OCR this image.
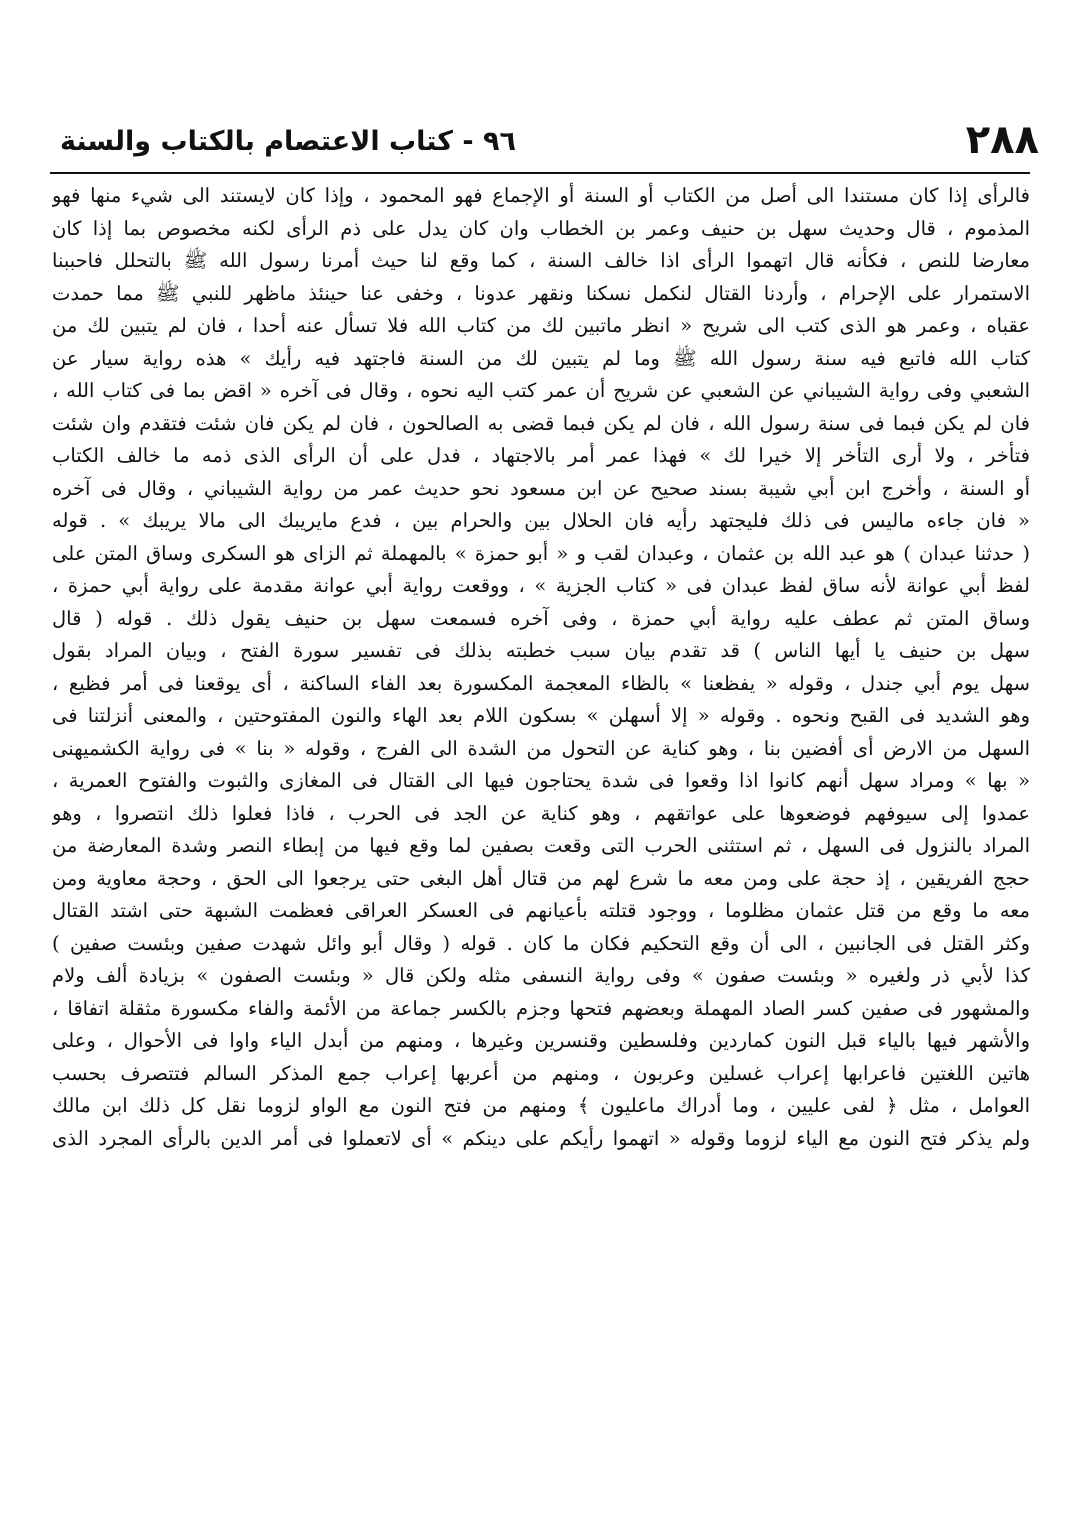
٢٨٨
٩٦ - كتاب الاعتصام بالكتاب والسنة
فالرأى إذا كان مستندا الى أصل من الكتاب أو السنة أو الإجماع فهو المحمود ، وإذا كان لايستند الى شيء منها فهو
المذموم ، قال وحديث سهل بن حنيف وعمر بن الخطاب وان كان يدل على ذم الرأى لكنه مخصوص بما إذا كان
معارضا للنص ، فكأنه قال اتهموا الرأى اذا خالف السنة ، كما وقع لنا حيث أمرنا رسول الله ﷺ بالتحلل فاحببنا
الاستمرار على الإحرام ، وأردنا القتال لنكمل نسكنا ونقهر عدونا ، وخفى عنا حينئذ ماظهر للنبي ﷺ مما حمدت
عقباه ، وعمر هو الذى كتب الى شريح « انظر ماتبين لك من كتاب الله فلا تسأل عنه أحدا ، فان لم يتبين لك من
كتاب الله فاتبع فيه سنة رسول الله ﷺ وما لم يتبين لك من السنة فاجتهد فيه رأيك » هذه رواية سيار عن
الشعبي وفى رواية الشيباني عن الشعبي عن شريح أن عمر كتب اليه نحوه ، وقال فى آخره « اقض بما فى كتاب الله ،
فان لم يكن فبما فى سنة رسول الله ، فان لم يكن فبما قضى به الصالحون ، فان لم يكن فان شئت فتقدم وان شئت
فتأخر ، ولا أرى التأخر إلا خيرا لك » فهذا عمر أمر بالاجتهاد ، فدل على أن الرأى الذى ذمه ما خالف الكتاب
أو السنة ، وأخرج ابن أبي شيبة بسند صحيح عن ابن مسعود نحو حديث عمر من رواية الشيباني ، وقال فى آخره
« فان جاءه ماليس فى ذلك فليجتهد رأيه فان الحلال بين والحرام بين ، فدع مايريبك الى مالا يريبك » . قوله
( حدثنا عبدان ) هو عبد الله بن عثمان ، وعبدان لقب و « أبو حمزة » بالمهملة ثم الزاى هو السكرى وساق المتن على
لفظ أبي عوانة لأنه ساق لفظ عبدان فى « كتاب الجزية » ، ووقعت رواية أبي عوانة مقدمة على رواية أبي حمزة ،
وساق المتن ثم عطف عليه رواية أبي حمزة ، وفى آخره فسمعت سهل بن حنيف يقول ذلك . قوله ( قال
سهل بن حنيف يا أيها الناس ) قد تقدم بيان سبب خطبته بذلك فى تفسير سورة الفتح ، وبيان المراد بقول
سهل يوم أبي جندل ، وقوله « يفظعنا » بالظاء المعجمة المكسورة بعد الفاء الساكنة ، أى يوقعنا فى أمر فظيع ،
وهو الشديد فى القبح ونحوه . وقوله « إلا أسهلن » بسكون اللام بعد الهاء والنون المفتوحتين ، والمعنى أنزلتنا فى
السهل من الارض أى أفضين بنا ، وهو كناية عن التحول من الشدة الى الفرج ، وقوله « بنا » فى رواية الكشميهنى
« بها » ومراد سهل أنهم كانوا اذا وقعوا فى شدة يحتاجون فيها الى القتال فى المغازى والثبوت والفتوح العمرية ،
عمدوا إلى سيوفهم فوضعوها على عواتقهم ، وهو كناية عن الجد فى الحرب ، فاذا فعلوا ذلك انتصروا ، وهو
المراد بالنزول فى السهل ، ثم استثنى الحرب التى وقعت بصفين لما وقع فيها من إبطاء النصر وشدة المعارضة من
حجج الفريقين ، إذ حجة على ومن معه ما شرع لهم من قتال أهل البغى حتى يرجعوا الى الحق ، وحجة معاوية ومن
معه ما وقع من قتل عثمان مظلوما ، ووجود قتلته بأعيانهم فى العسكر العراقى فعظمت الشبهة حتى اشتد القتال
وكثر القتل فى الجانبين ، الى أن وقع التحكيم فكان ما كان . قوله ( وقال أبو وائل شهدت صفين وبئست صفين )
كذا لأبي ذر ولغيره « وبئست صفون » وفى رواية النسفى مثله ولكن قال « وبئست الصفون » بزيادة ألف ولام
والمشهور فى صفين كسر الصاد المهملة وبعضهم فتحها وجزم بالكسر جماعة من الأئمة والفاء مكسورة مثقلة اتفاقا ،
والأشهر فيها بالياء قبل النون كماردين وفلسطين وقنسرين وغيرها ، ومنهم من أبدل الياء واوا فى الأحوال ، وعلى
هاتين اللغتين فاعرابها إعراب غسلين وعربون ، ومنهم من أعربها إعراب جمع المذكر السالم فتتصرف بحسب
العوامل ، مثل ﴿ لفى عليين ، وما أدراك ماعليون ﴾ ومنهم من فتح النون مع الواو لزوما نقل كل ذلك ابن مالك
ولم يذكر فتح النون مع الياء لزوما وقوله « اتهموا رأيكم على دينكم » أى لاتعملوا فى أمر الدين بالرأى المجرد الذى
